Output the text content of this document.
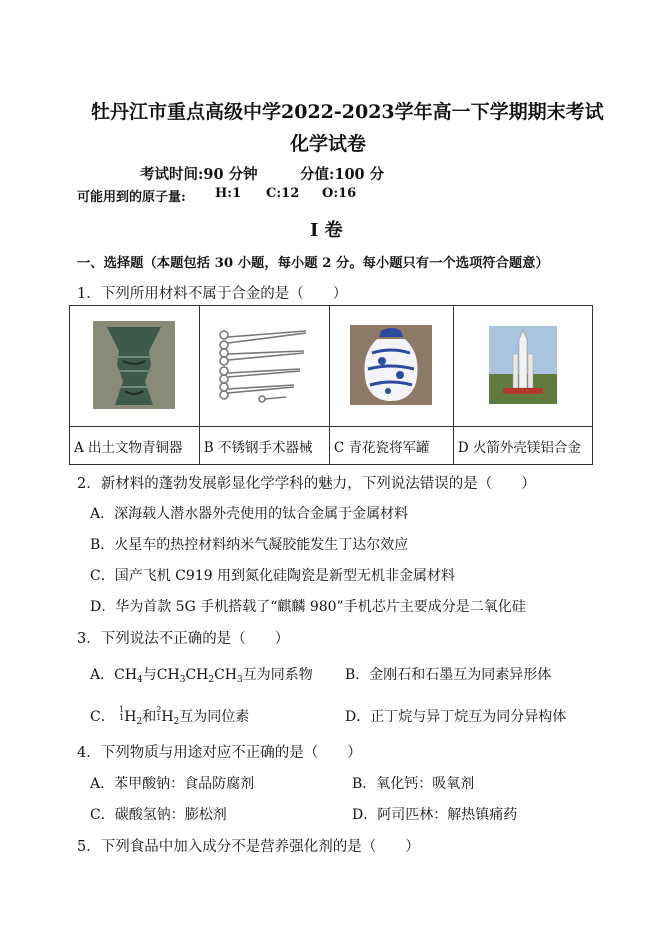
牡丹江市重点高级中学2022-2023学年高一下学期期末考试
化学试卷
考试时间:90 分钟	分值:100 分
可能用到的原子量: H:1 C:12 O:16
I 卷
一、选择题（本题包括 30 小题，每小题 2 分。每小题只有一个选项符合题意）
1．下列所用材料不属于合金的是（　　）

A 出土文物青铜器	B 不锈钢手术器械	C 青花瓷将军罐	D 火箭外壳镁铝合金
2．新材料的蓬勃发展彰显化学学科的魅力，下列说法错误的是（　　）
A．深海载人潜水器外壳使用的钛合金属于金属材料
B．火星车的热控材料纳米气凝胶能发生丁达尔效应
C．国产飞机 C919 用到氮化硅陶瓷是新型无机非金属材料
D．华为首款 5G 手机搭载了“麒麟 980”手机芯片主要成分是二氧化硅
3．下列说法不正确的是（　　）
A．$CH_4$与$CH_3CH_2CH_3$互为同系物 B．金刚石和石墨互为同素异形体
C． 1
1 $H_2$和 2
1 $H_2$互为同位素	D．正丁烷与异丁烷互为同分异构体
4．下列物质与用途对应不正确的是（　　）
A．苯甲酸钠：食品防腐剂	B．氧化钙：吸氧剂
C．碳酸氢钠：膨松剂	D．阿司匹林：解热镇痛药
5．下列食品中加入成分不是营养强化剂的是（　　）
